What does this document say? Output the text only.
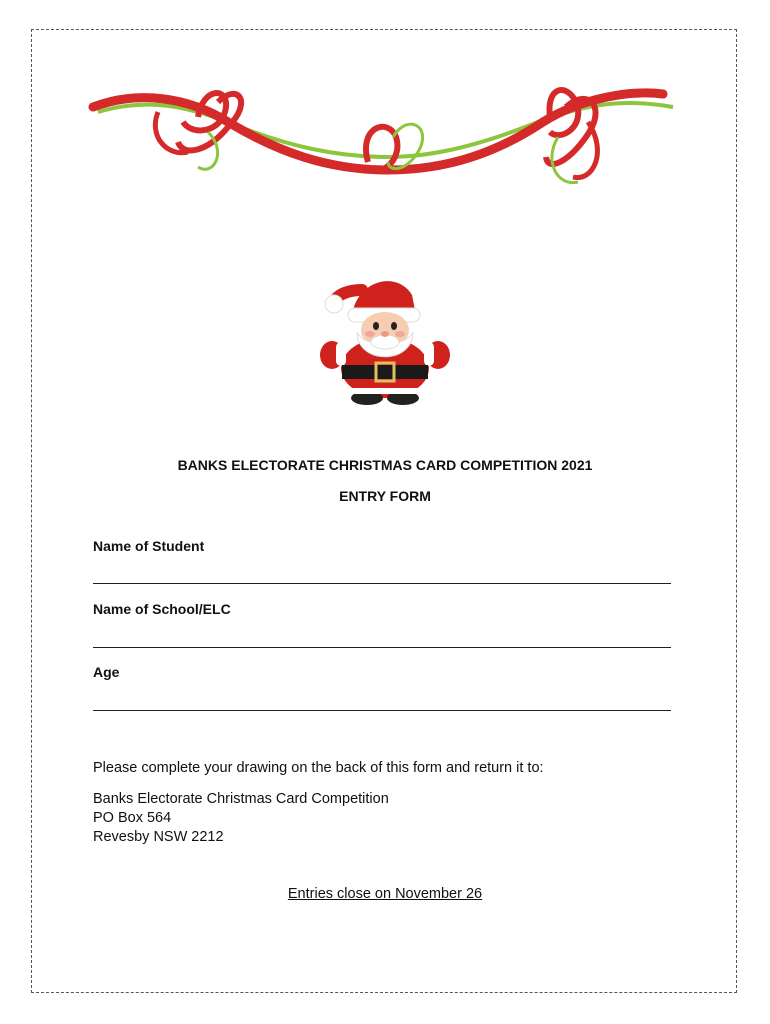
BANKS ELECTORATE CHRISTMAS CARD COMPETITION 2021
ENTRY FORM
Name of Student
Name of School/ELC
Age
Please complete your drawing on the back of this form and return it to:
Banks Electorate Christmas Card Competition
PO Box 564
Revesby NSW 2212
Entries close on November 26
